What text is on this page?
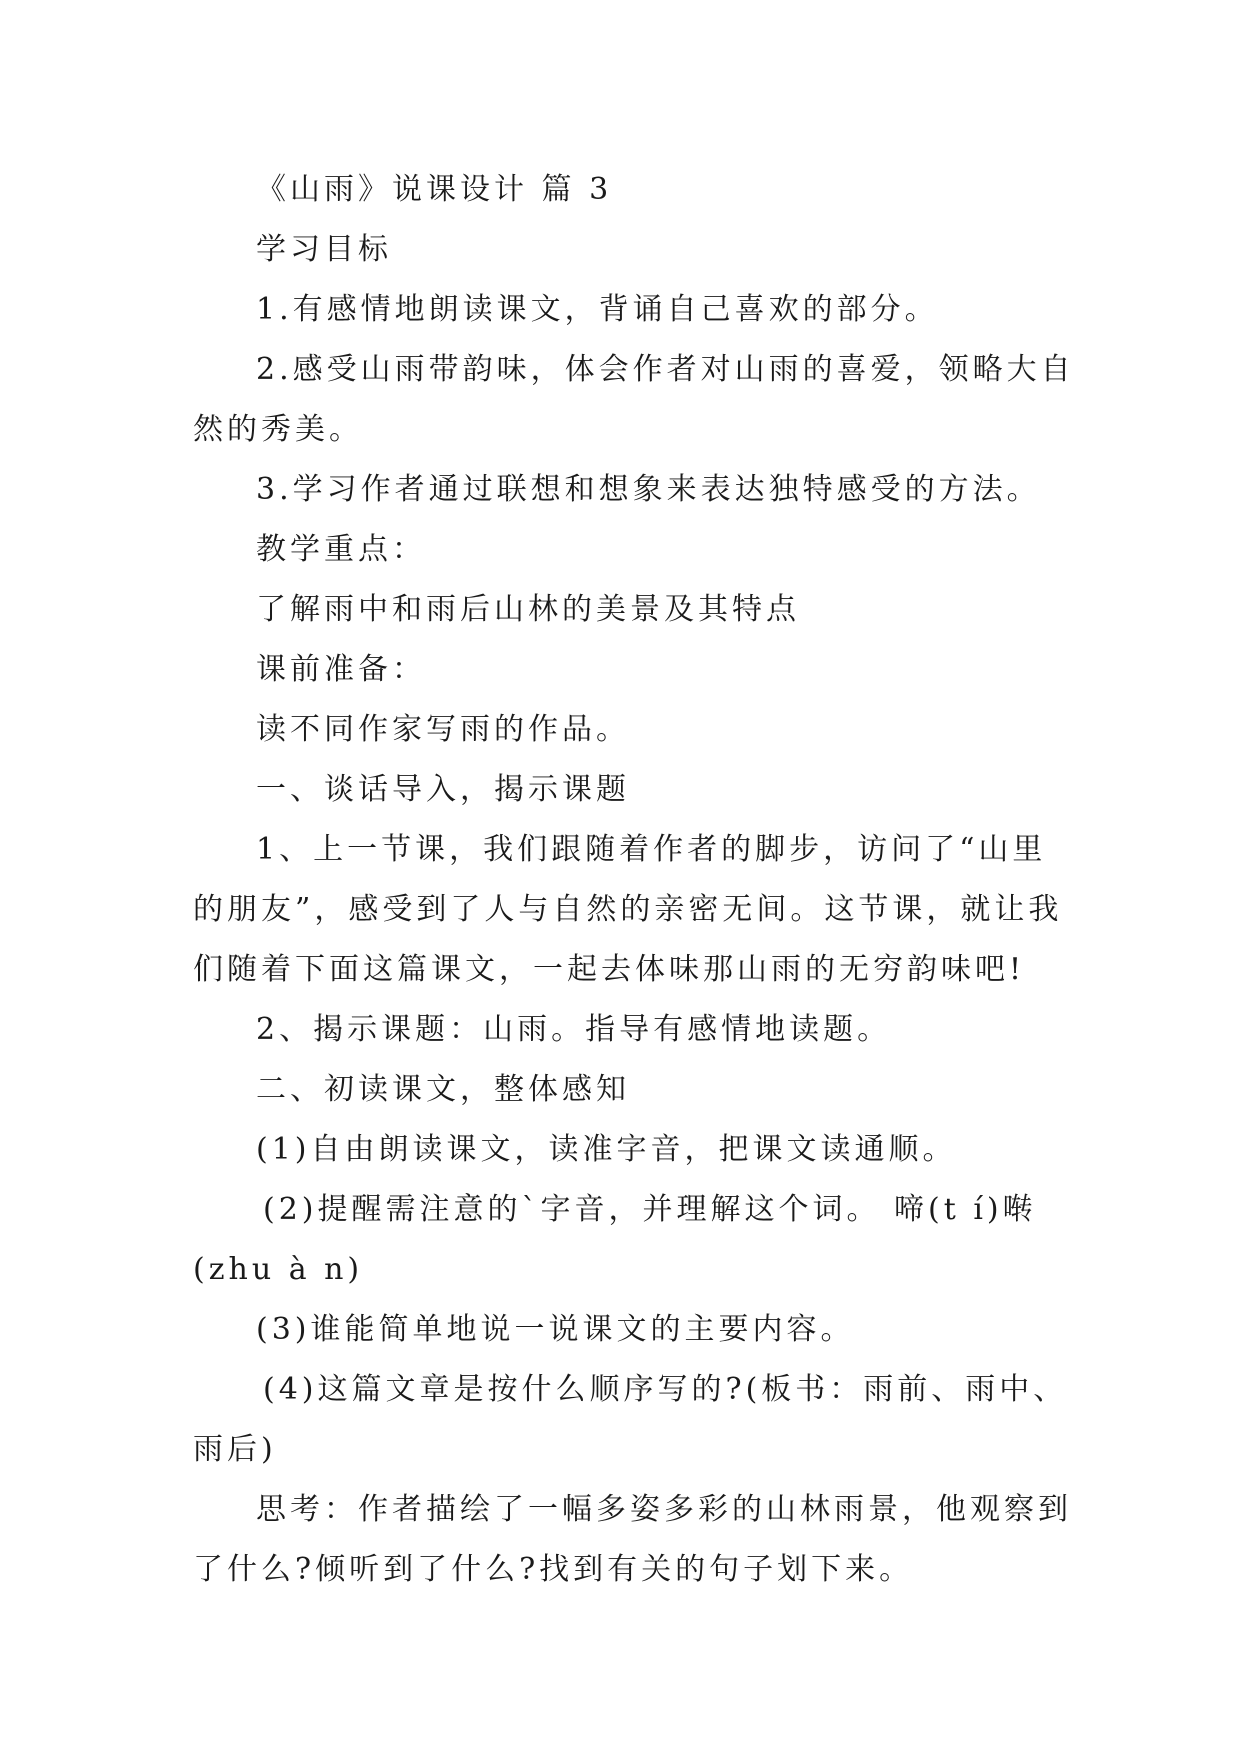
《山雨》说课设计 篇 3
学习目标
1.有感情地朗读课文，背诵自己喜欢的部分。
2.感受山雨带韵味，体会作者对山雨的喜爱，领略大自
然的秀美。
3.学习作者通过联想和想象来表达独特感受的方法。
教学重点：
了解雨中和雨后山林的美景及其特点
课前准备：
读不同作家写雨的作品。
一、谈话导入，揭示课题
1、上一节课，我们跟随着作者的脚步，访问了“山里
的朋友”，感受到了人与自然的亲密无间。这节课，就让我
们随着下面这篇课文，一起去体味那山雨的无穷韵味吧!
2、揭示课题：山雨。指导有感情地读题。
二、初读课文，整体感知
(1)自由朗读课文，读准字音，把课文读通顺。
(2)提醒需注意的`字音，并理解这个词。 啼(t í)啭
(zhu à n)
(3)谁能简单地说一说课文的主要内容。
(4)这篇文章是按什么顺序写的?(板书：雨前、雨中、
雨后)
思考：作者描绘了一幅多姿多彩的山林雨景，他观察到
了什么?倾听到了什么?找到有关的句子划下来。
